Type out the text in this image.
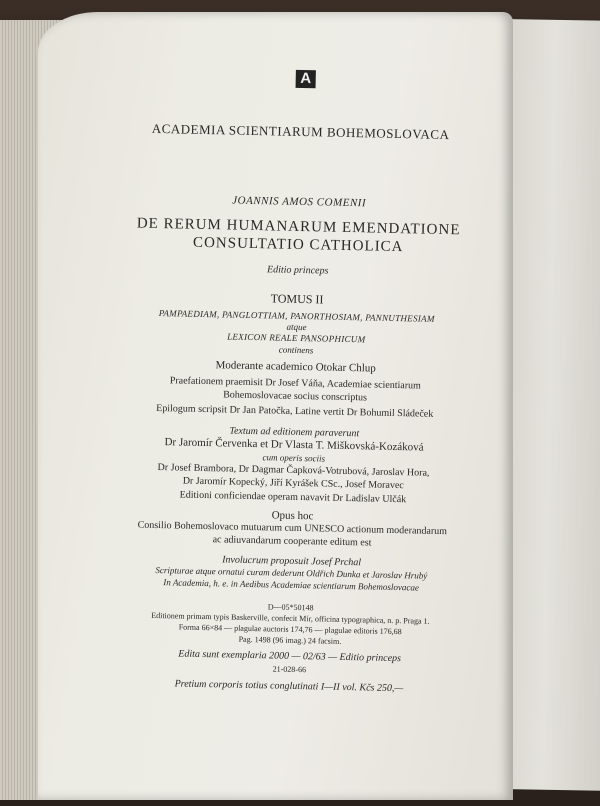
A
ACADEMIA SCIENTIARUM BOHEMOSLOVACA
JOANNIS AMOS COMENII
DE RERUM HUMANARUM EMENDATIONE
CONSULTATIO CATHOLICA
Editio princeps
TOMUS II
PAMPAEDIAM, PANGLOTTIAM, PANORTHOSIAM, PANNUTHESIAM
atque
LEXICON REALE PANSOPHICUM
continens
Moderante academico Otokar Chlup
Praefationem praemisit Dr Josef Váňa, Academiae scientiarum
Bohemoslovacae socius conscriptus
Epilogum scripsit Dr Jan Patočka, Latine vertit Dr Bohumil Sládeček
Textum ad editionem paraverunt
Dr Jaromír Červenka et Dr Vlasta T. Miškovská-Kozáková
cum operis sociis
Dr Josef Brambora, Dr Dagmar Čapková-Votrubová, Jaroslav Hora,
Dr Jaromír Kopecký, Jiří Kyrášek CSc., Josef Moravec
Editioni conficiendae operam navavit Dr Ladislav Ulčák
Opus hoc
Consilio Bohemoslovaco mutuarum cum UNESCO actionum moderandarum
ac adiuvandarum cooperante editum est
Involucrum proposuit Josef Prchal
Scripturae atque ornatui curam dederunt Oldřich Dunka et Jaroslav Hrubý
In Academia, h. e. in Aedibus Academiae scientiarum Bohemoslovacae
D—05*50148
Editionem primam typis Baskerville, confecit Mír, officina typographica, n. p. Praga 1.
Forma 66×84 — plagulae auctoris 174,76 — plagulae editoris 176,68
Pag. 1498 (96 imag.) 24 facsim.
Edita sunt exemplaria 2000 — 02/63 — Editio princeps
21-028-66
Pretium corporis totius conglutinati I—II vol. Kčs 250,—
